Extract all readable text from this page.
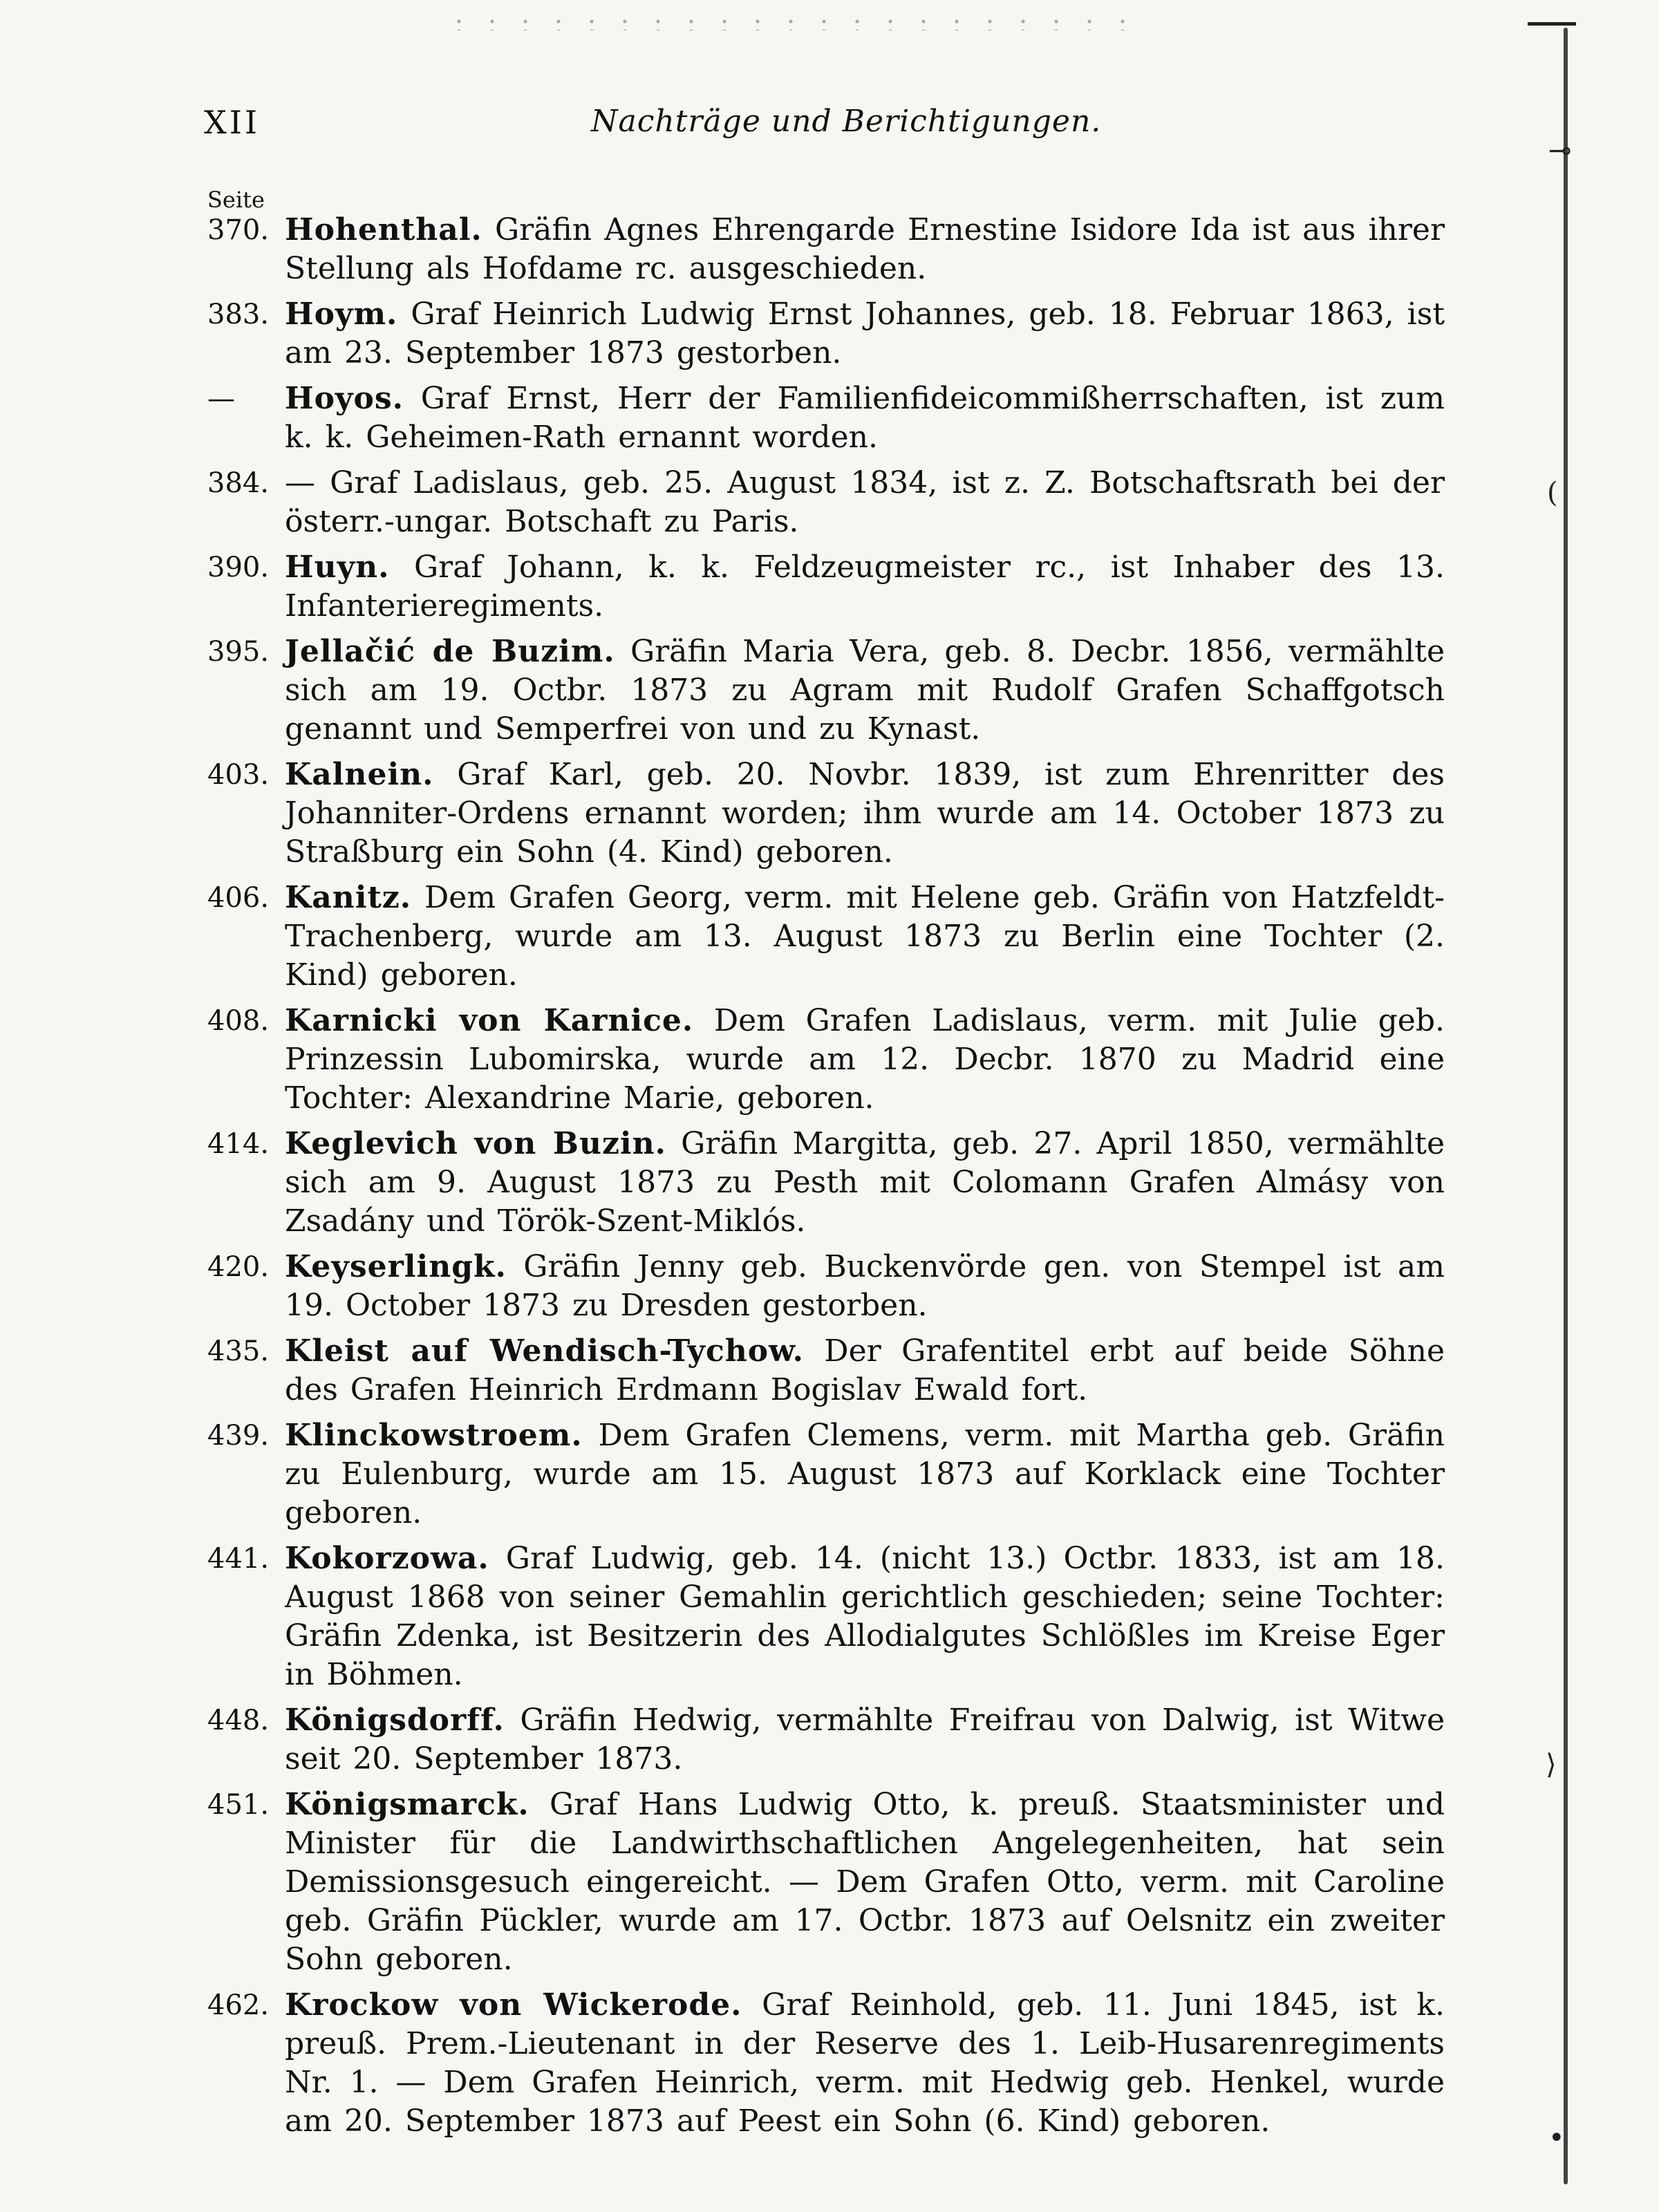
XII	Nachträge und Berichtigungen.
Seite
370. Hohenthal. Gräfin Agnes Ehrengarde Ernestine Isidore Ida ist aus ihrer Stellung als Hofdame rc. ausgeschieden.
383. Hoym. Graf Heinrich Ludwig Ernst Johannes, geb. 18. Februar 1863, ist am 23. September 1873 gestorben.
—	Hoyos. Graf Ernst, Herr der Familienfideicommißherrschaften, ist zum k. k. Geheimen-Rath ernannt worden.
384. — Graf Ladislaus, geb. 25. August 1834, ist z. Z. Botschaftsrath bei der österr.-ungar. Botschaft zu Paris.
390. Huyn. Graf Johann, k. k. Feldzeugmeister rc., ist Inhaber des 13. Infanterieregiments.
395. Jellačić de Buzim. Gräfin Maria Vera, geb. 8. Decbr. 1856, vermählte sich am 19. Octbr. 1873 zu Agram mit Rudolf Grafen Schaffgotsch genannt und Semperfrei von und zu Kynast.
403. Kalnein. Graf Karl, geb. 20. Novbr. 1839, ist zum Ehrenritter des Johanniter-Ordens ernannt worden; ihm wurde am 14. October 1873 zu Straßburg ein Sohn (4. Kind) geboren.
406. Kanitz. Dem Grafen Georg, verm. mit Helene geb. Gräfin von Hatzfeldt-Trachenberg, wurde am 13. August 1873 zu Berlin eine Tochter (2. Kind) geboren.
408. Karnicki von Karnice. Dem Grafen Ladislaus, verm. mit Julie geb. Prinzessin Lubomirska, wurde am 12. Decbr. 1870 zu Madrid eine Tochter: Alexandrine Marie, geboren.
414. Keglevich von Buzin. Gräfin Margitta, geb. 27. April 1850, vermählte sich am 9. August 1873 zu Pesth mit Colomann Grafen Almásy von Zsadány und Török-Szent-Miklós.
420. Keyserlingk. Gräfin Jenny geb. Buckenvörde gen. von Stempel ist am 19. October 1873 zu Dresden gestorben.
435. Kleist auf Wendisch-Tychow. Der Grafentitel erbt auf beide Söhne des Grafen Heinrich Erdmann Bogislav Ewald fort.
439. Klinckowstroem. Dem Grafen Clemens, verm. mit Martha geb. Gräfin zu Eulenburg, wurde am 15. August 1873 auf Korklack eine Tochter geboren.
441. Kokorzowa. Graf Ludwig, geb. 14. (nicht 13.) Octbr. 1833, ist am 18. August 1868 von seiner Gemahlin gerichtlich geschieden; seine Tochter: Gräfin Zdenka, ist Besitzerin des Allodialgutes Schlößles im Kreise Eger in Böhmen.
448. Königsdorff. Gräfin Hedwig, vermählte Freifrau von Dalwig, ist Witwe seit 20. September 1873.
451. Königsmarck. Graf Hans Ludwig Otto, k. preuß. Staatsminister und Minister für die Landwirthschaftlichen Angelegenheiten, hat sein Demissionsgesuch eingereicht. — Dem Grafen Otto, verm. mit Caroline geb. Gräfin Pückler, wurde am 17. Octbr. 1873 auf Oelsnitz ein zweiter Sohn geboren.
462. Krockow von Wickerode. Graf Reinhold, geb. 11. Juni 1845, ist k. preuß. Prem.-Lieutenant in der Reserve des 1. Leib-Husarenregiments Nr. 1. — Dem Grafen Heinrich, verm. mit Hedwig geb. Henkel, wurde am 20. September 1873 auf Peest ein Sohn (6. Kind) geboren.
⊸
(
⟩
•
